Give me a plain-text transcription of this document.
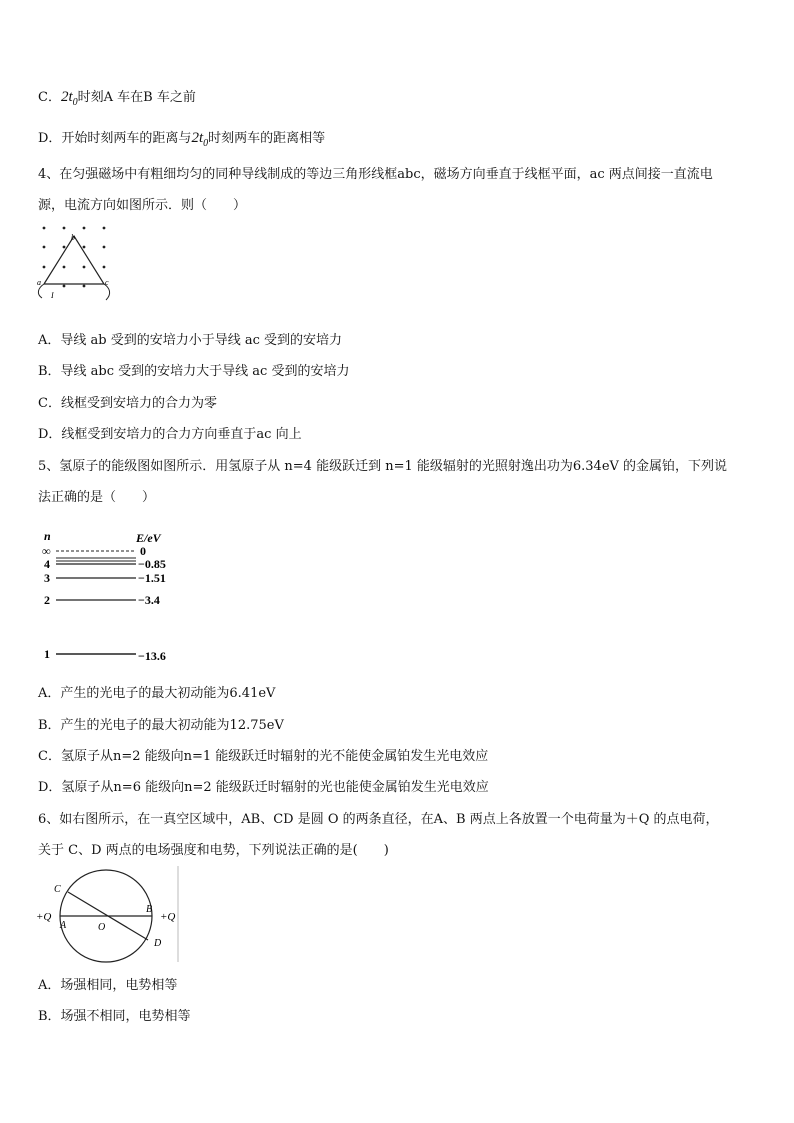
C．$2t_0$时刻A 车在B 车之前
D．开始时刻两车的距离与$2t_0$时刻两车的距离相等
4、在匀强磁场中有粗细均匀的同种导线制成的等边三角形线框abc，磁场方向垂直于线框平面，ac 两点间接一直流电
源，电流方向如图所示．则（　　）
b
a	c
I
A．导线 ab 受到的安培力小于导线 ac 受到的安培力
B．导线 abc 受到的安培力大于导线 ac 受到的安培力
C．线框受到安培力的合力为零
D．线框受到安培力的合力方向垂直于ac 向上
5、氢原子的能级图如图所示．用氢原子从 n=4 能级跃迁到 n=1 能级辐射的光照射逸出功为6.34eV 的金属铂，下列说
法正确的是（　　）
n	E/eV
∞
4
3
2
1
0
−0.85
−1.51
−3.4
−13.6
A．产生的光电子的最大初动能为6.41eV
B．产生的光电子的最大初动能为12.75eV
C．氢原子从n=2 能级向n=1 能级跃迁时辐射的光不能使金属铂发生光电效应
D．氢原子从n=6 能级向n=2 能级跃迁时辐射的光也能使金属铂发生光电效应
6、如右图所示，在一真空区域中，AB、CD 是圆 O 的两条直径，在A、B 两点上各放置一个电荷量为＋Q 的点电荷，
关于 C、D 两点的电场强度和电势，下列说法正确的是(　　)
+Q	+Q
A
B
C
D
O
A．场强相同，电势相等
B．场强不相同，电势相等
